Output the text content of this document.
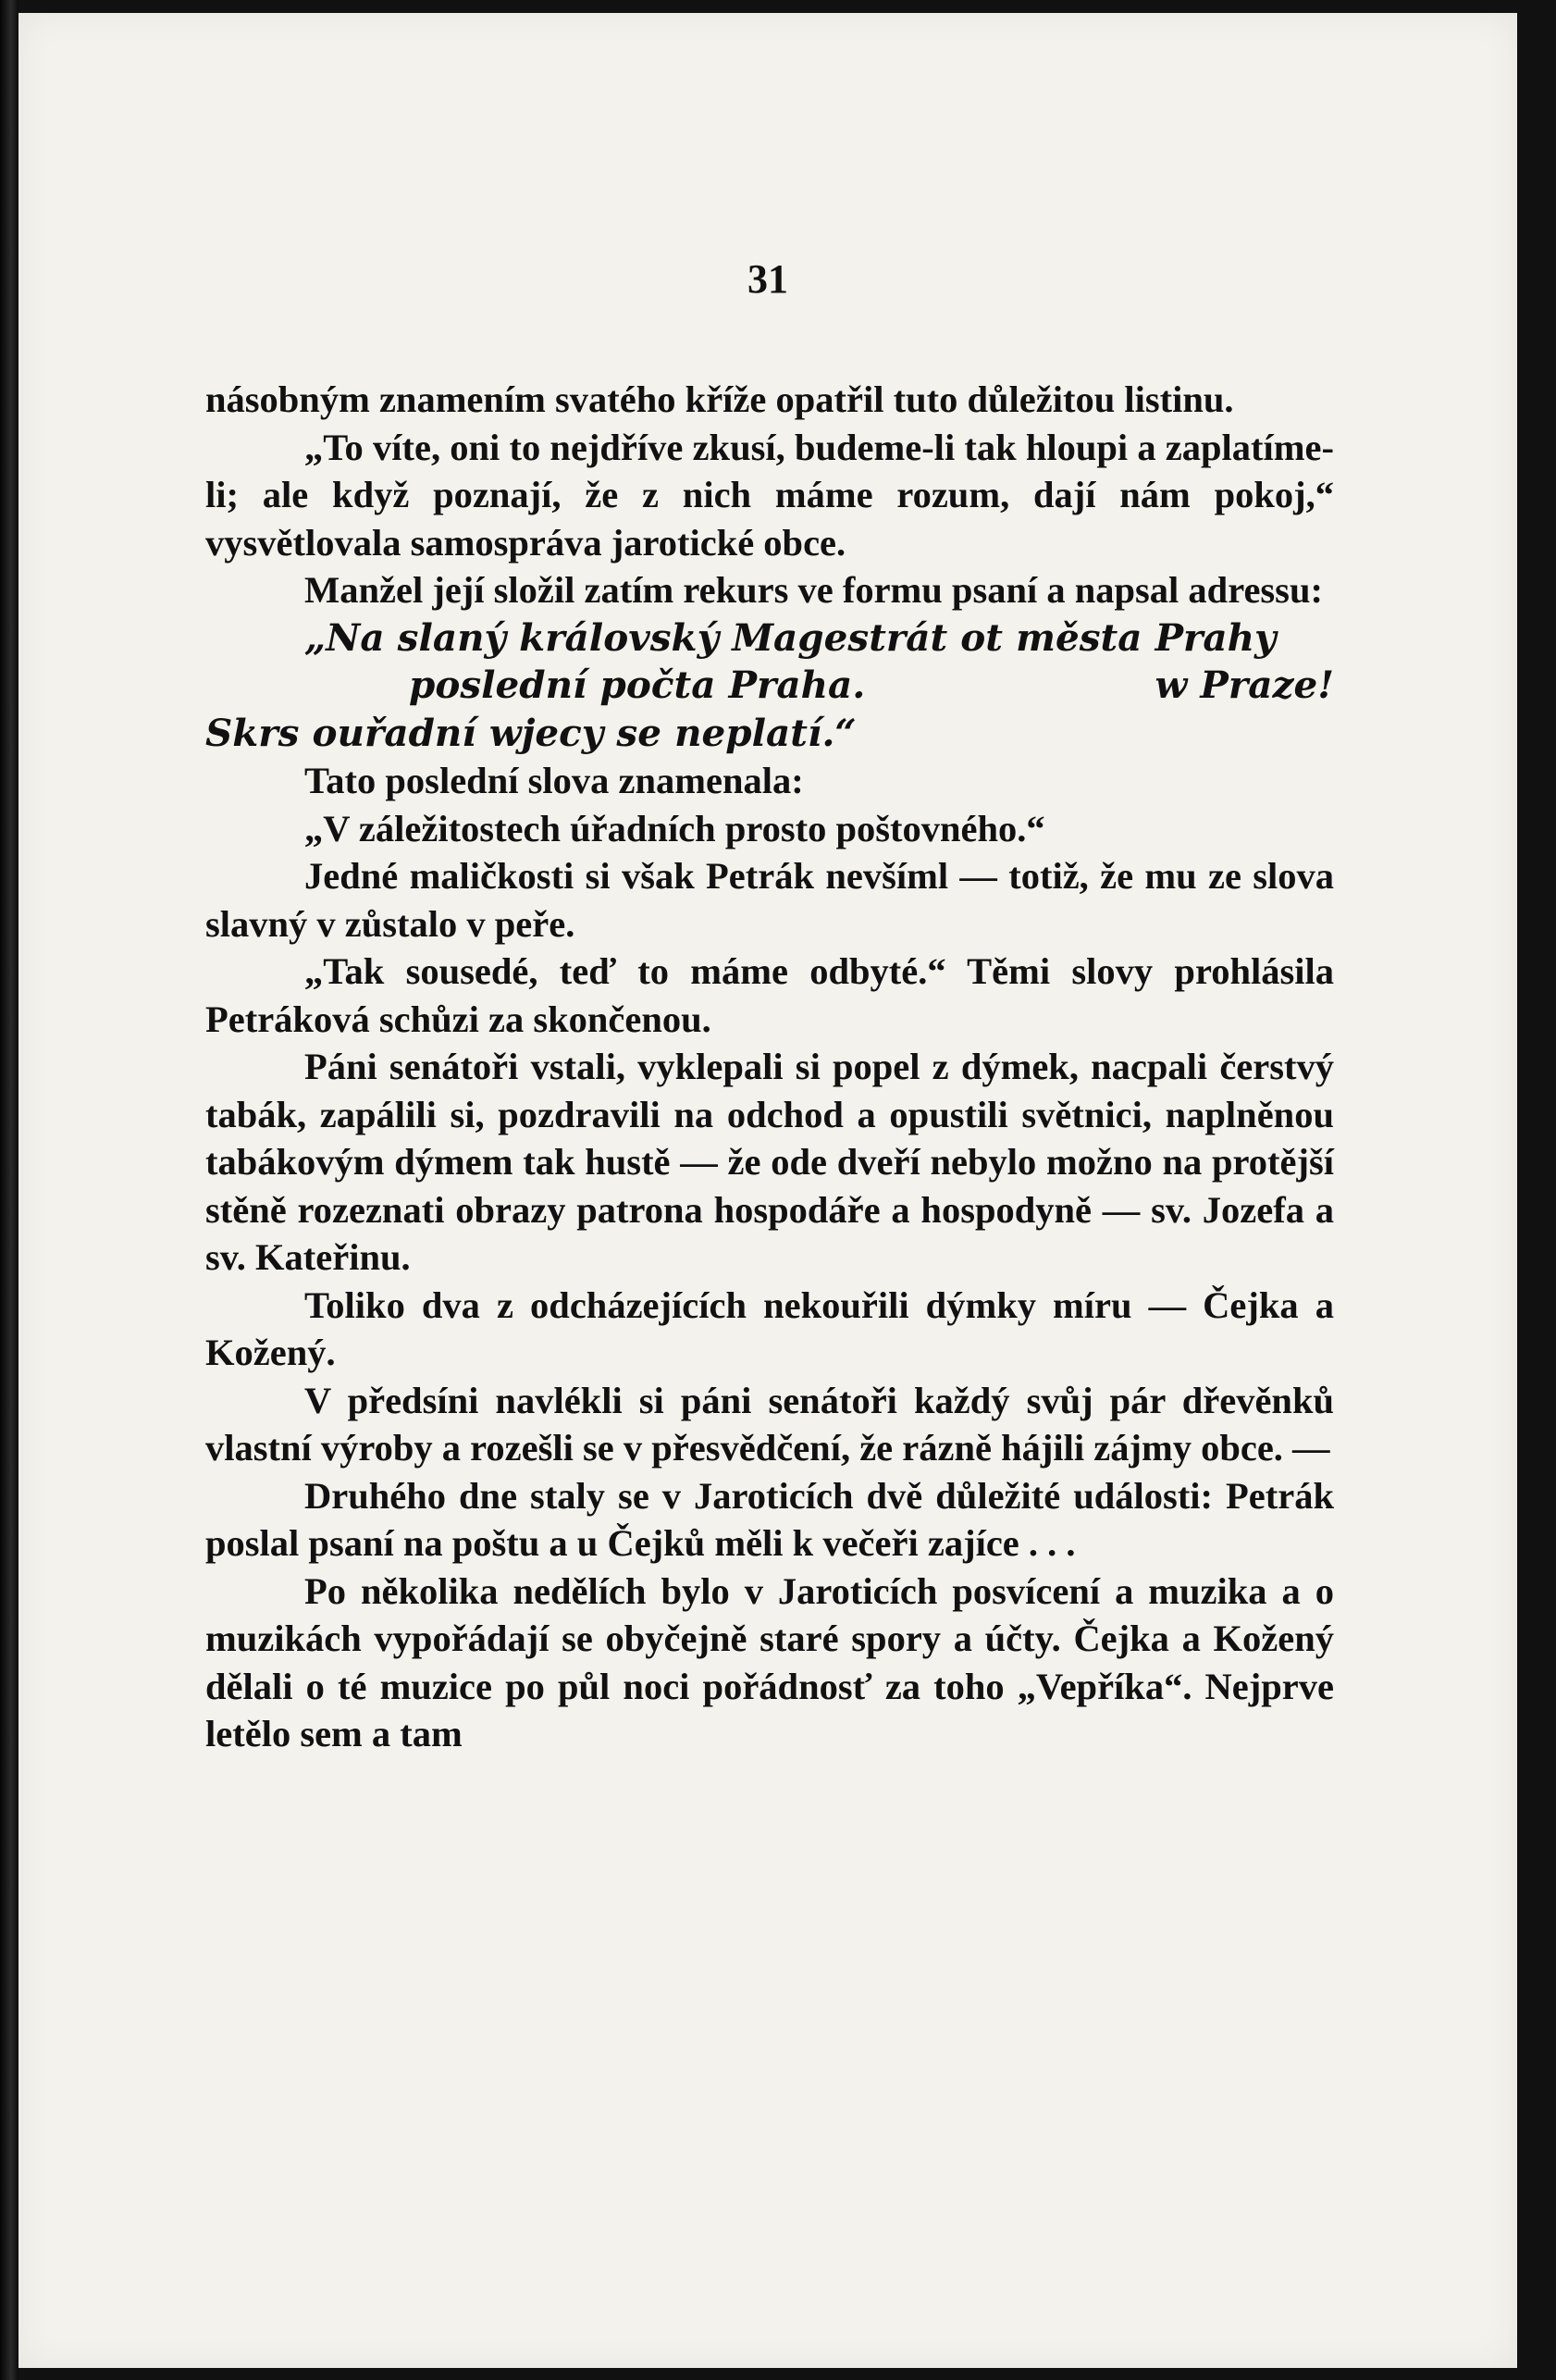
31

násobným znamením svatého kříže opatřil tuto důležitou listinu.

„To víte, oni to nejdříve zkusí, budeme-li tak hloupi a zaplatíme-li; ale když poznají, že z nich máme rozum, dají nám pokoj,“ vysvětlovala samospráva jarotické obce.

Manžel její složil zatím rekurs ve formu psaní a napsal adressu:

„Na slaný královský Magestrát ot města Prahy
poslední počta Praha.	w Praze!
Skrs ouřadní wjecy se neplatí.“

Tato poslední slova znamenala:

„V záležitostech úřadních prosto poštovného.“

Jedné maličkosti si však Petrák nevšíml — totiž, že mu ze slova slavný v zůstalo v peře.

„Tak sousedé, teď to máme odbyté.“ Těmi slovy prohlásila Petráková schůzi za skončenou.

Páni senátoři vstali, vyklepali si popel z dýmek, nacpali čerstvý tabák, zapálili si, pozdravili na odchod a opustili světnici, naplněnou tabákovým dýmem tak hustě — že ode dveří nebylo možno na protější stěně rozeznati obrazy patrona hospodáře a hospodyně — sv. Jozefa a sv. Kateřinu.

Toliko dva z odcházejících nekouřili dýmky míru — Čejka a Kožený.

V předsíni navlékli si páni senátoři každý svůj pár dřevěnků vlastní výroby a rozešli se v přesvědčení, že rázně hájili zájmy obce. —

Druhého dne staly se v Jaroticích dvě důležité události: Petrák poslal psaní na poštu a u Čejků měli k večeři zajíce . . .

Po několika nedělích bylo v Jaroticích posvícení a muzika a o muzikách vypořádají se obyčejně staré spory a účty. Čejka a Kožený dělali o té muzice po půl noci pořádnosť za toho „Vepříka“. Nejprve letělo sem a tam
